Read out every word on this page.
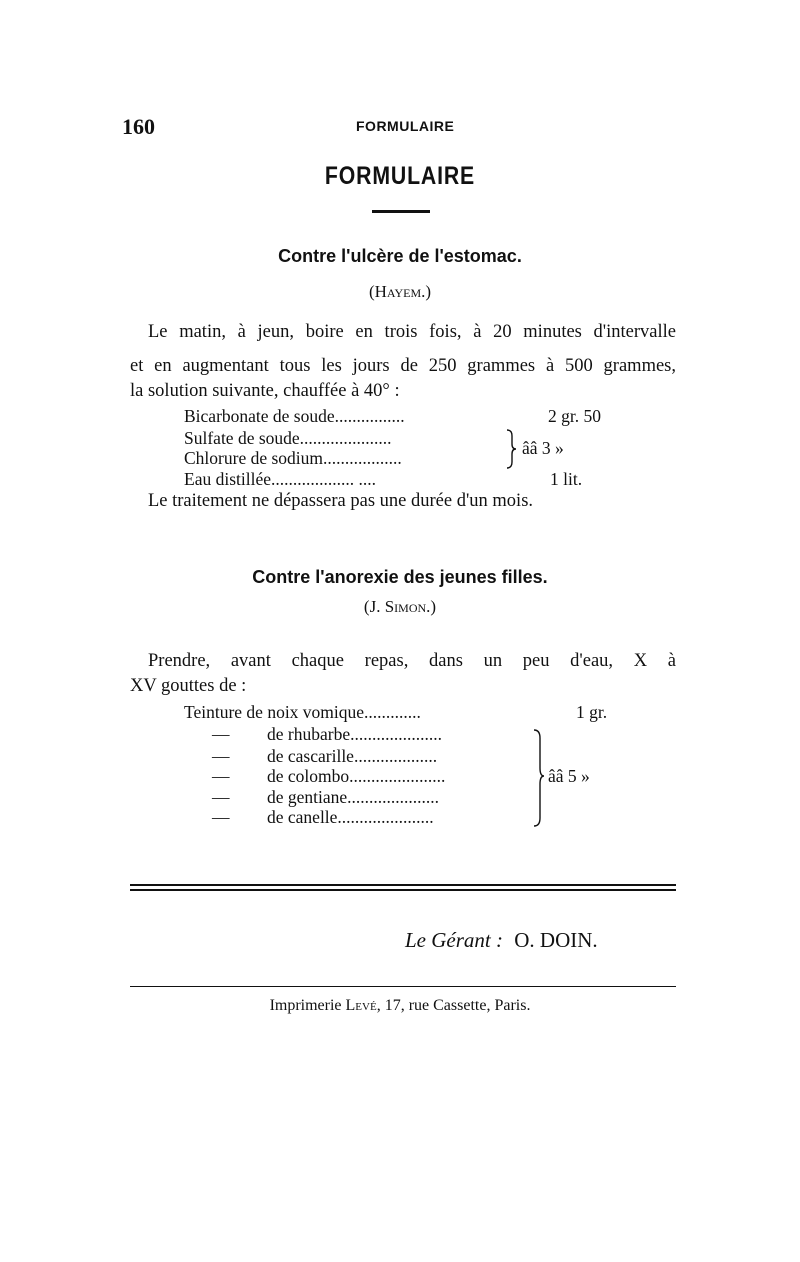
160	FORMULAIRE
FORMULAIRE
Contre l'ulcère de l'estomac.
(Hayem.)
Le matin, à jeun, boire en trois fois, à 20 minutes d'intervalle
et en augmentant tous les jours de 250 grammes à 500 grammes,
la solution suivante, chauffée à 40° :
Bicarbonate de soude................	2 gr. 50
Sulfate de soude.....................
Chlorure de sodium..................	ââ 3 »
Eau distillée................... ....	1 lit.
Le traitement ne dépassera pas une durée d'un mois.
Contre l'anorexie des jeunes filles.
(J. Simon.)
Prendre, avant chaque repas, dans un peu d'eau, X à
XV gouttes de :
Teinture de noix vomique.............	1 gr.
— de rhubarbe.....................
— de cascarille...................
— de colombo......................
— de gentiane.....................
— de canelle......................
ââ 5 »
Le Gérant : O. DOIN.
Imprimerie Levé, 17, rue Cassette, Paris.
